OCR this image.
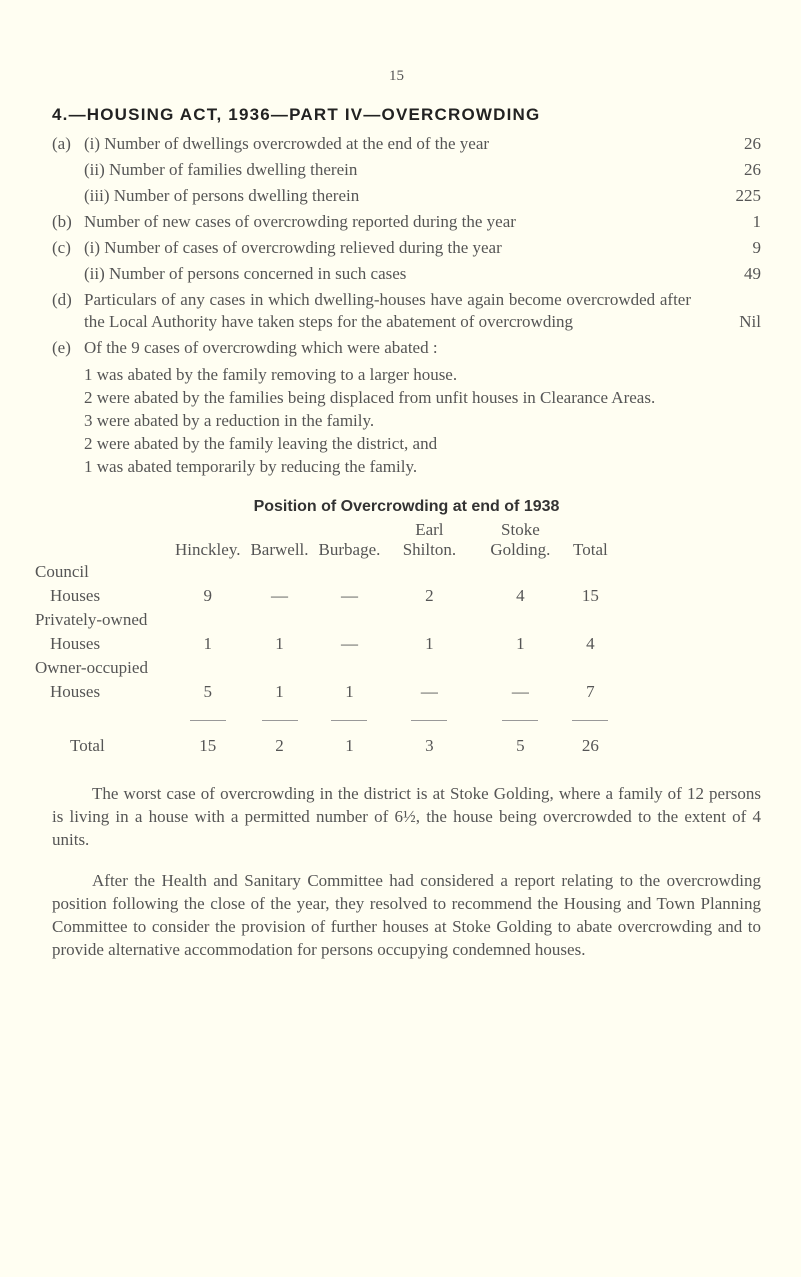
15
4.—HOUSING ACT, 1936—PART IV—OVERCROWDING
(a) (i) Number of dwellings overcrowded at the end of the year	26
(ii) Number of families dwelling therein	26
(iii) Number of persons dwelling therein	225
(b) Number of new cases of overcrowding reported during the year	1
(c) (i) Number of cases of overcrowding relieved during the year	9
(ii) Number of persons concerned in such cases	49
(d) Particulars of any cases in which dwelling-houses have again become overcrowded after the Local Authority have taken steps for the abatement of overcrowding	Nil
(e) Of the 9 cases of overcrowding which were abated :
1 was abated by the family removing to a larger house.
2 were abated by the families being displaced from unfit houses in Clearance Areas.
3 were abated by a reduction in the family.
2 were abated by the family leaving the district, and
1 was abated temporarily by reducing the family.
Position of Overcrowding at end of 1938
	Hinckley.	Barwell.	Burbage.	Earl Shilton.	Stoke Golding.	Total
Council						
Houses	9	—	—	2	4	15
Privately-owned						
Houses	1	1	—	1	1	4
Owner-occupied						
Houses	5	1	1	—	—	7

Total	15	2	1	3	5	26

The worst case of overcrowding in the district is at Stoke Golding, where a family of 12 persons is living in a house with a permitted number of 6½, the house being overcrowded to the extent of 4 units.

After the Health and Sanitary Committee had considered a report relating to the overcrowding position following the close of the year, they resolved to recommend the Housing and Town Planning Committee to consider the provision of further houses at Stoke Golding to abate overcrowding and to provide alternative accommodation for persons occupying condemned houses.
